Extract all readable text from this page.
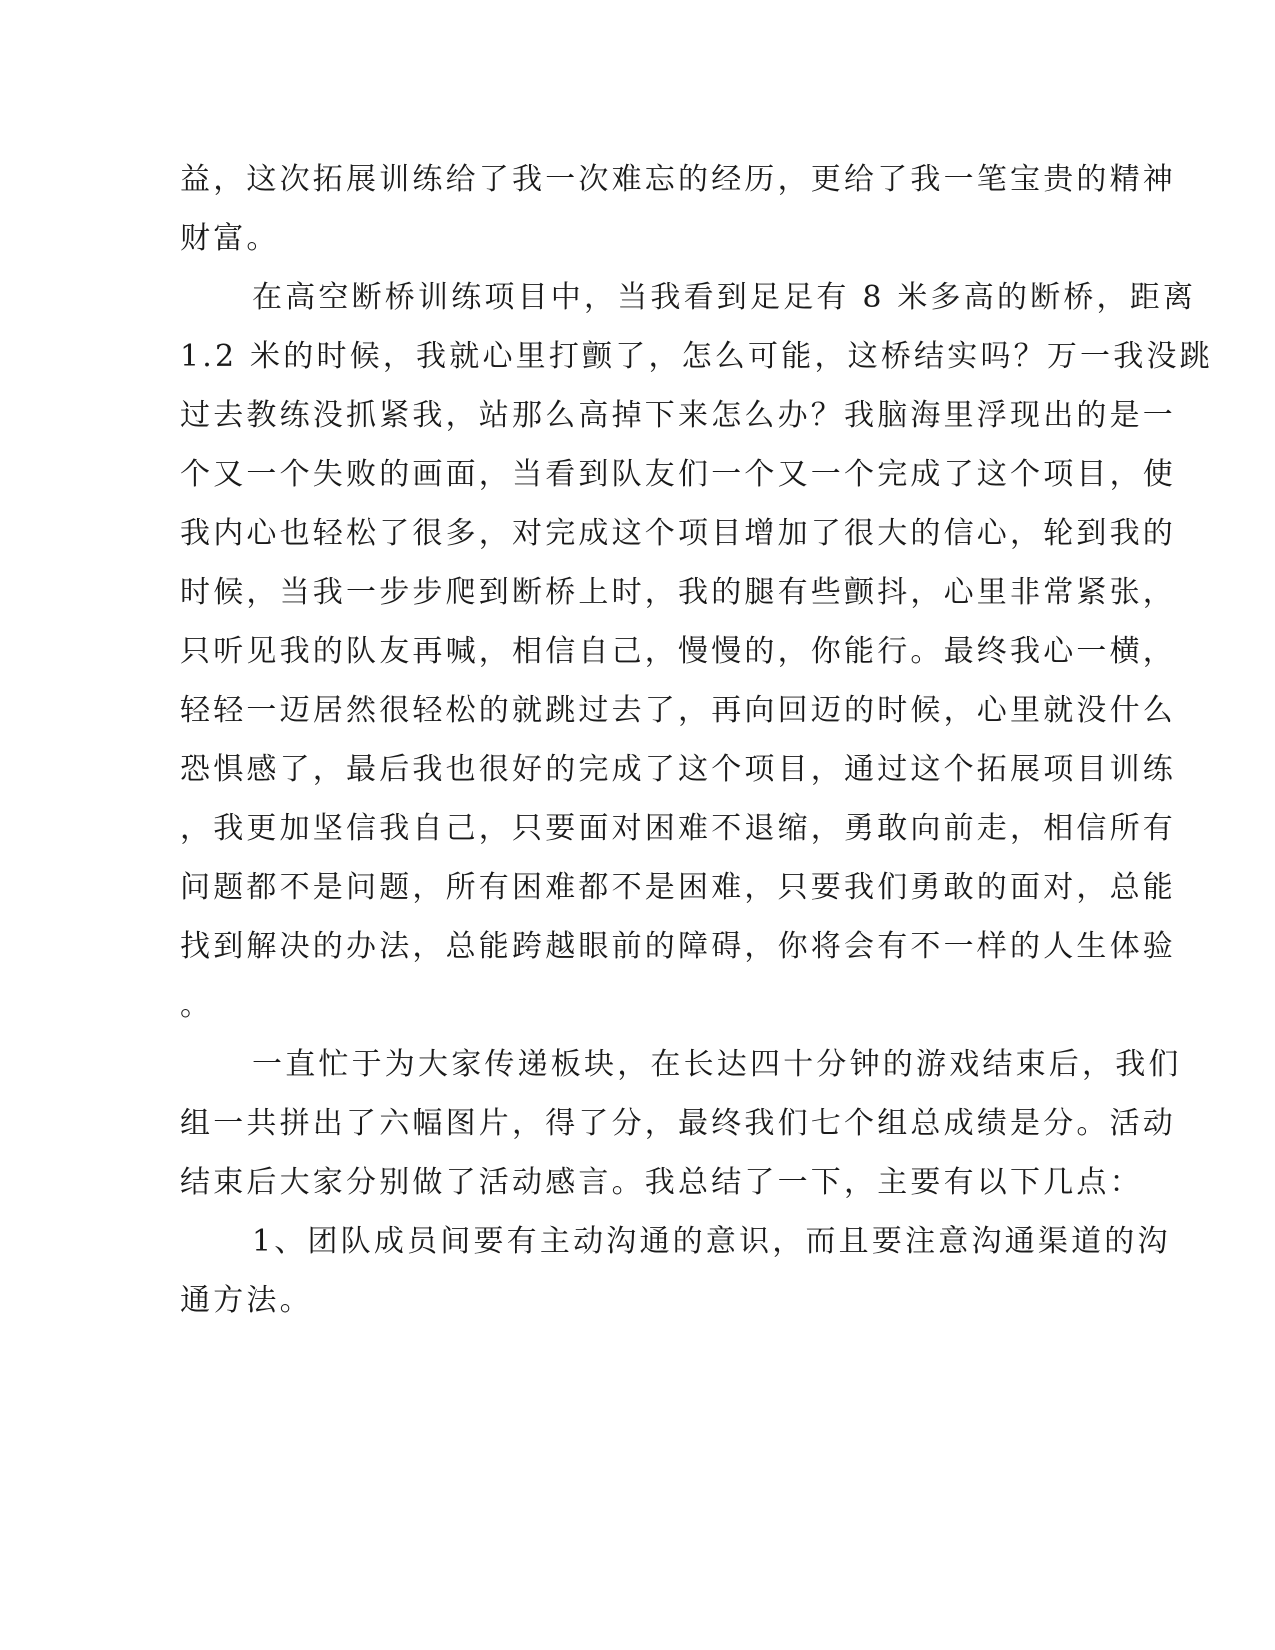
益，这次拓展训练给了我一次难忘的经历，更给了我一笔宝贵的精神
财富。
在高空断桥训练项目中，当我看到足足有 8 米多高的断桥，距离
1.2 米的时候，我就心里打颤了，怎么可能，这桥结实吗？万一我没跳
过去教练没抓紧我，站那么高掉下来怎么办？我脑海里浮现出的是一
个又一个失败的画面，当看到队友们一个又一个完成了这个项目，使
我内心也轻松了很多，对完成这个项目增加了很大的信心，轮到我的
时候，当我一步步爬到断桥上时，我的腿有些颤抖，心里非常紧张，
只听见我的队友再喊，相信自己，慢慢的，你能行。最终我心一横，
轻轻一迈居然很轻松的就跳过去了，再向回迈的时候，心里就没什么
恐惧感了，最后我也很好的完成了这个项目，通过这个拓展项目训练
，我更加坚信我自己，只要面对困难不退缩，勇敢向前走，相信所有
问题都不是问题，所有困难都不是困难，只要我们勇敢的面对，总能
找到解决的办法，总能跨越眼前的障碍，你将会有不一样的人生体验
。
一直忙于为大家传递板块，在长达四十分钟的游戏结束后，我们
组一共拼出了六幅图片，得了分，最终我们七个组总成绩是分。活动
结束后大家分别做了活动感言。我总结了一下，主要有以下几点：
1、团队成员间要有主动沟通的意识，而且要注意沟通渠道的沟
通方法。
